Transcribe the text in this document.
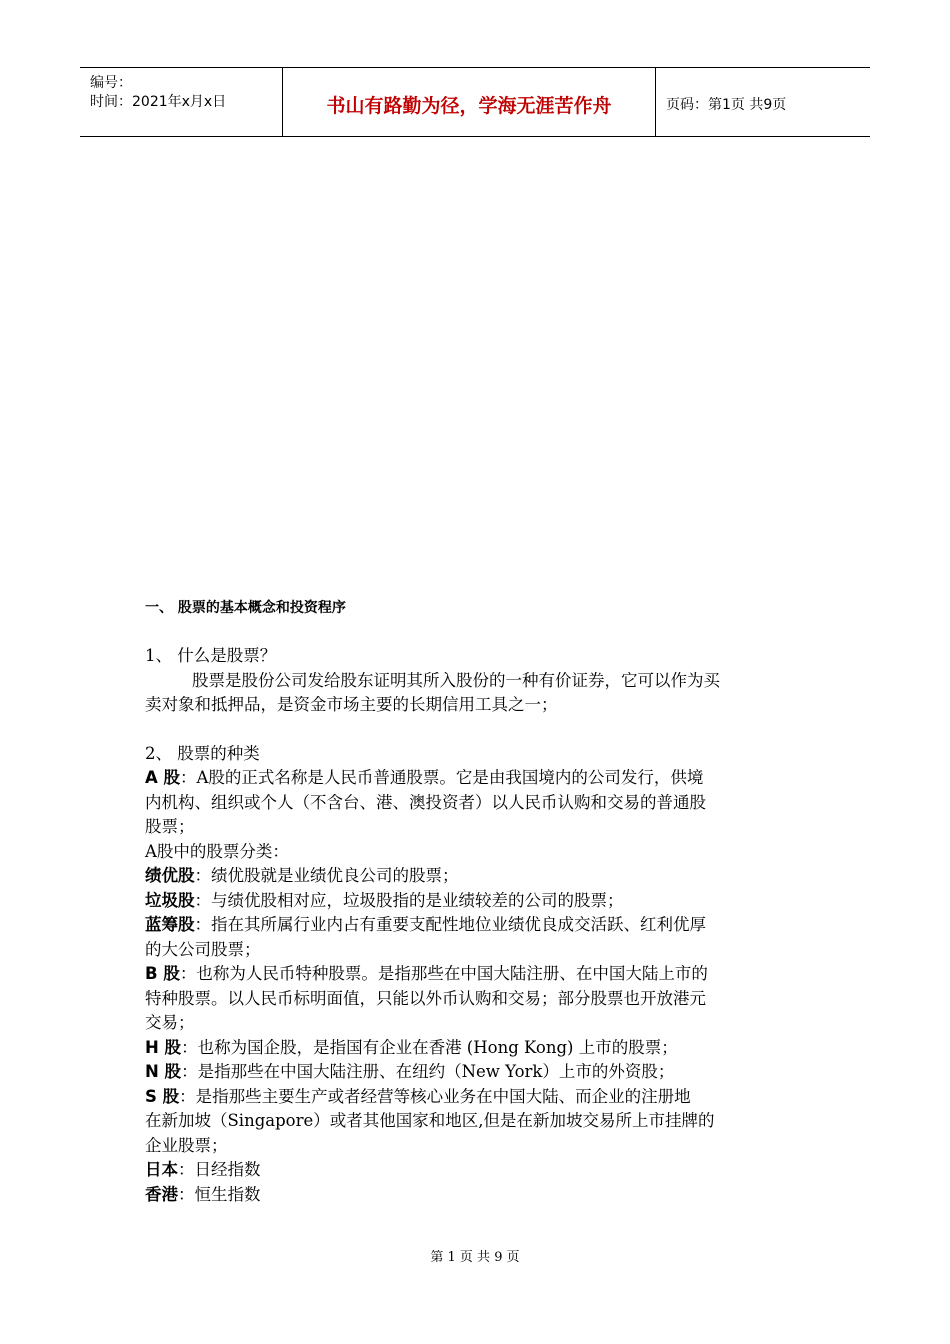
编号：
时间：2021年x月x日	书山有路勤为径，学海无涯苦作舟	页码：第1页 共9页
一、 股票的基本概念和投资程序
1、 什么是股票？
股票是股份公司发给股东证明其所入股份的一种有价证券，它可以作为买
卖对象和抵押品，是资金市场主要的长期信用工具之一；
2、 股票的种类
A 股：A股的正式名称是人民币普通股票。它是由我国境内的公司发行，供境
内机构、组织或个人（不含台、港、澳投资者）以人民币认购和交易的普通股
股票；
A股中的股票分类：
绩优股：绩优股就是业绩优良公司的股票；
垃圾股：与绩优股相对应，垃圾股指的是业绩较差的公司的股票；
蓝筹股：指在其所属行业内占有重要支配性地位业绩优良成交活跃、红利优厚
的大公司股票；
B 股：也称为人民币特种股票。是指那些在中国大陆注册、在中国大陆上市的
特种股票。以人民币标明面值，只能以外币认购和交易；部分股票也开放港元
交易；
H 股：也称为国企股，是指国有企业在香港 (Hong Kong) 上市的股票；
N 股：是指那些在中国大陆注册、在纽约（New York）上市的外资股；
S 股：是指那些主要生产或者经营等核心业务在中国大陆、而企业的注册地
在新加坡（Singapore）或者其他国家和地区,但是在新加坡交易所上市挂牌的
企业股票；
日本：日经指数
香港：恒生指数
第 1 页 共 9 页
